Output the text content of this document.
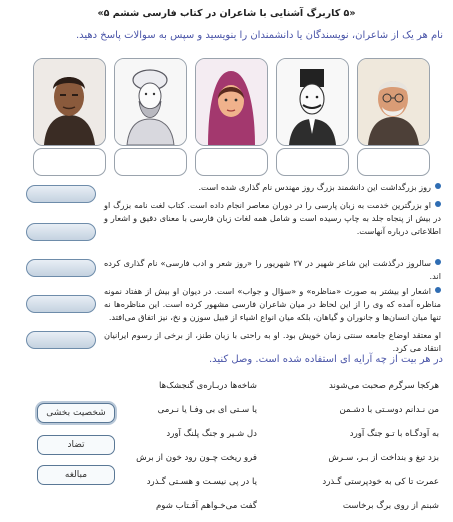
«۵ کاربرگ آشنایی با شاعران در کتاب فارسی ششم ۵»
نام هر یک از شاعران، نویسندگان یا دانشمندان را بنویسید و سپس به سوالات پاسخ دهید.
روز بزرگداشت این دانشمند بزرگ روز مهندس نام گذاری شده است.
او بزرگترین خدمت به زبان پارسی را در دوران معاصر انجام داده است. کتاب لغت نامه بزرگ او در بیش از پنجاه جلد به چاپ رسیده است و شامل همه لغات زبان فارسی با معنای دقیق و اشعار و اطلاعاتی درباره آنهاست.
سالروز درگذشت این شاعر شهیر در ۲۷ شهریور را «روز شعر و ادب فارسی» نام گذاری کرده اند.
اشعار او بیشتر به صورت «مناظره» و «سؤال و جواب» است. در دیوان او بیش از هفتاد نمونه مناظره آمده که وی را از این لحاظ در میان شاعران فارسی مشهور کرده است. این مناظره‌ها نه تنها میان انسان‌ها و جانوران و گیاهان، بلکه میان انواع اشیاء از قبیل سوزن و نخ، نیز اتفاق می‌افتد.
او معتقد اوضاع جامعه سنتی زمان خویش بود. او به راحتی با زبان طنز، از برخی از رسوم ایرانیان انتقاد می کرد.
در هر بیت از چه آرایه ای استفاده شده است. وصل کنید.
هرکجا سرگرم صحبت می‌شوند
شاخه‌ها دربـاره‌ی گنجشک‌ها
من نـدانم دوسـتی با دشـمن
یا سـتی ای بی وفـا یا نـرمی
به آودگـاه با تـو جنگ آورد
دل شـیر و جنگ پلنگ آورد
بزد تیغ و بنداخت از بـر، سـرش
فرو ریخت چـون رود خون از برش
عمرت تا کی به خودپرستی گـذرد
یا در پی نیسـت و هسـتی گـذرد
شبنم از روی برگ برخاست
گفت می‌خـواهم آفـتاب شوم
شخصیت بخشی
تضاد
مبالغه
